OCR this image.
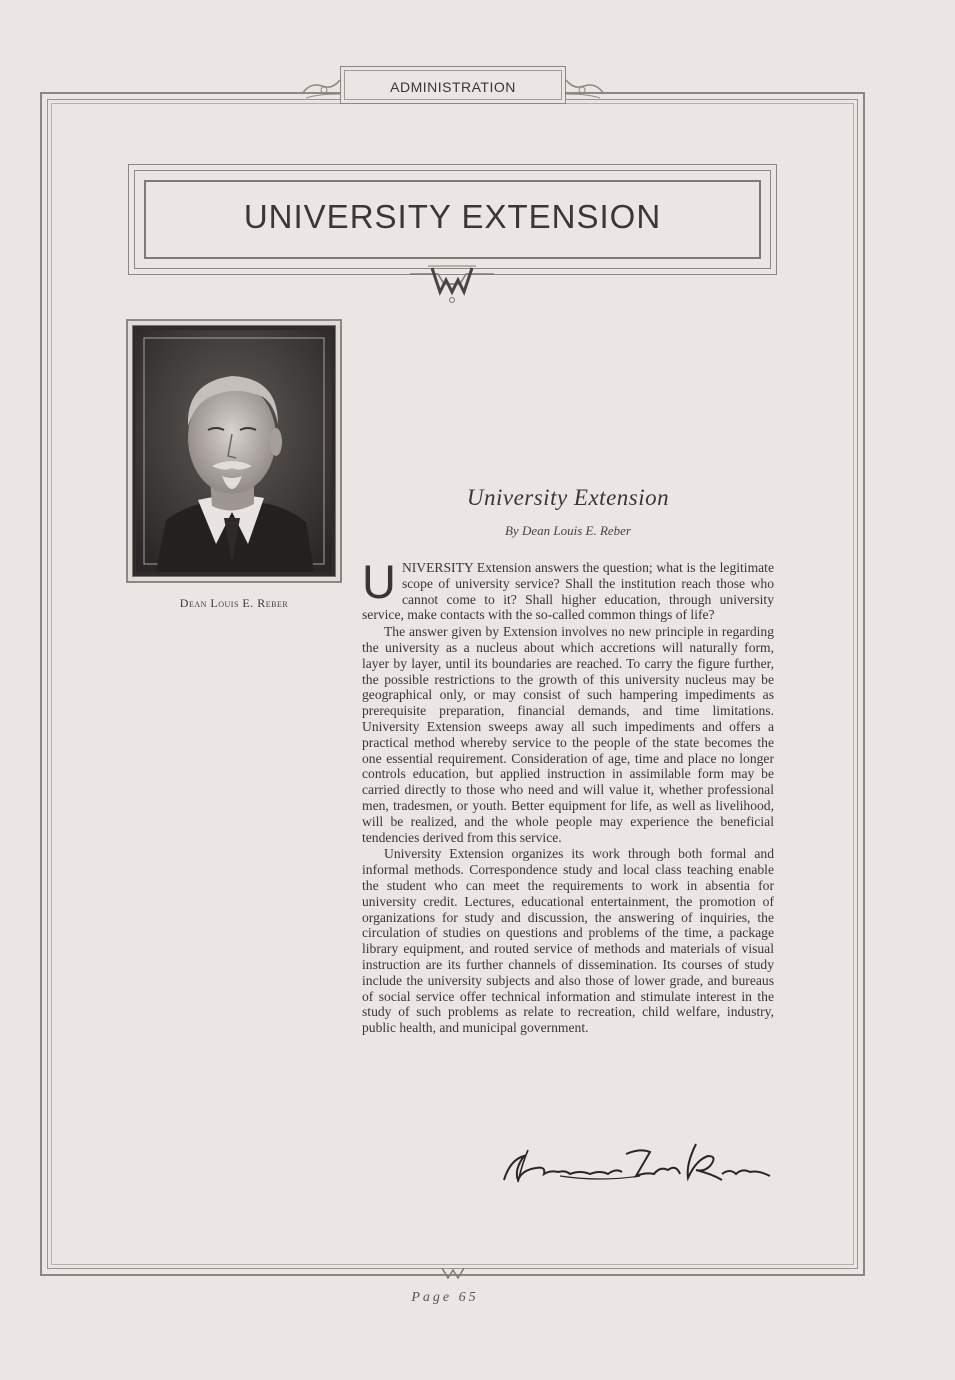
ADMINISTRATION
UNIVERSITY EXTENSION
Dean Louis E. Reber
University Extension
By Dean Louis E. Reber

UNIVERSITY Extension answers the question; what is the legitimate scope of university service? Shall the institution reach those who cannot come to it? Shall higher education, through university service, make contacts with the so-called common things of life?

The answer given by Extension involves no new principle in regarding the university as a nucleus about which accretions will naturally form, layer by layer, until its boundaries are reached. To carry the figure further, the possible restrictions to the growth of this university nucleus may be geographical only, or may consist of such hampering impediments as prerequisite preparation, financial demands, and time limitations. University Extension sweeps away all such impediments and offers a practical method whereby service to the people of the state becomes the one essential requirement. Consideration of age, time and place no longer controls education, but applied instruction in assimilable form may be carried directly to those who need and will value it, whether professional men, tradesmen, or youth. Better equipment for life, as well as livelihood, will be realized, and the whole people may experience the beneficial tendencies derived from this service.

University Extension organizes its work through both formal and informal methods. Correspondence study and local class teaching enable the student who can meet the requirements to work in absentia for university credit. Lectures, educational entertainment, the promotion of organizations for study and discussion, the answering of inquiries, the circulation of studies on questions and problems of the time, a package library equipment, and routed service of methods and materials of visual instruction are its further channels of dissemination. Its courses of study include the university subjects and also those of lower grade, and bureaus of social service offer technical information and stimulate interest in the study of such problems as relate to recreation, child welfare, industry, public health, and municipal government.

Page 65
